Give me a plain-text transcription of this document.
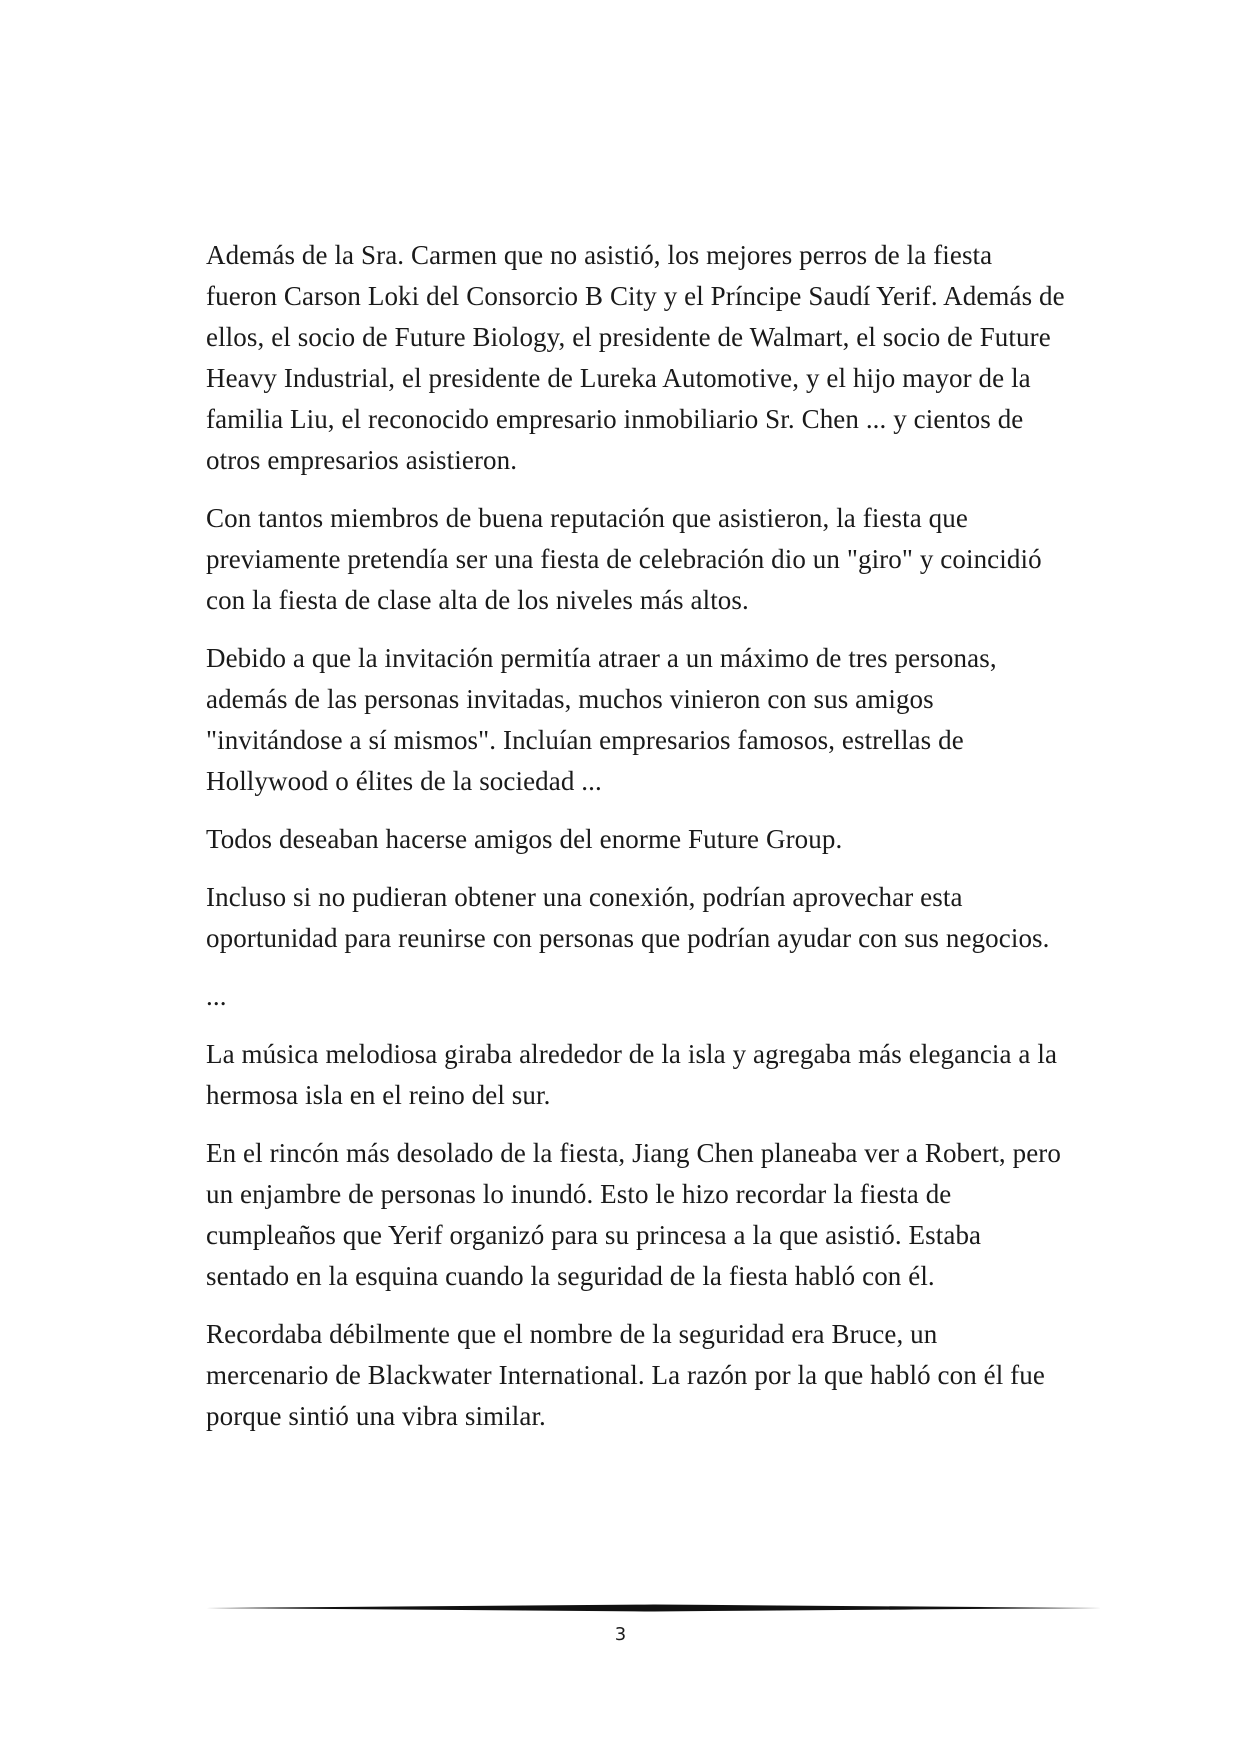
Además de la Sra. Carmen que no asistió, los mejores perros de la fiesta fueron Carson Loki del Consorcio B City y el Príncipe Saudí Yerif. Además de ellos, el socio de Future Biology, el presidente de Walmart, el socio de Future Heavy Industrial, el presidente de Lureka Automotive, y el hijo mayor de la familia Liu, el reconocido empresario inmobiliario Sr. Chen ... y cientos de otros empresarios asistieron.

Con tantos miembros de buena reputación que asistieron, la fiesta que previamente pretendía ser una fiesta de celebración dio un "giro" y coincidió con la fiesta de clase alta de los niveles más altos.

Debido a que la invitación permitía atraer a un máximo de tres personas, además de las personas invitadas, muchos vinieron con sus amigos "invitándose a sí mismos". Incluían empresarios famosos, estrellas de Hollywood o élites de la sociedad ...

Todos deseaban hacerse amigos del enorme Future Group.

Incluso si no pudieran obtener una conexión, podrían aprovechar esta oportunidad para reunirse con personas que podrían ayudar con sus negocios.

...

La música melodiosa giraba alrededor de la isla y agregaba más elegancia a la hermosa isla en el reino del sur.

En el rincón más desolado de la fiesta, Jiang Chen planeaba ver a Robert, pero un enjambre de personas lo inundó. Esto le hizo recordar la fiesta de cumpleaños que Yerif organizó para su princesa a la que asistió. Estaba sentado en la esquina cuando la seguridad de la fiesta habló con él.

Recordaba débilmente que el nombre de la seguridad era Bruce, un mercenario de Blackwater International. La razón por la que habló con él fue porque sintió una vibra similar.

3
